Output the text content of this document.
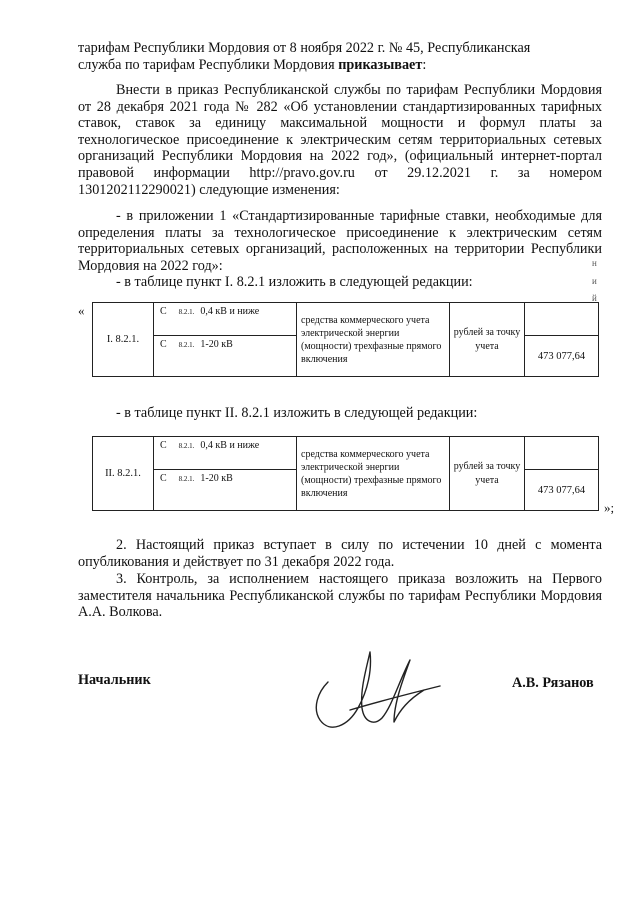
тарифам Республики Мордовия от 8 ноября 2022 г. № 45, Республиканская
служба по тарифам Республики Мордовия приказывает:
Внести в приказ Республиканской службы по тарифам Республики Мордовия от 28 декабря 2021 года № 282 «Об установлении стандартизированных тарифных ставок, ставок за единицу максимальной мощности и формул платы за технологическое присоединение к электрическим сетям территориальных сетевых организаций Республики Мордовия на 2022 год», (официальный интернет-портал правовой информации http://pravo.gov.ru от 29.12.2021 г. за номером 1301202112290021) следующие изменения:
- в приложении 1 «Стандартизированные тарифные ставки, необходимые для определения платы за технологическое присоединение к электрическим сетям территориальных сетевых организаций, расположенных на территории Республики Мордовия на 2022 год»:	н
и
й
- в таблице пункт I. 8.2.1 изложить в следующей редакции:
«
I. 8.2.1.	С 8.2.1. 0,4 кВ и ниже	средства коммерческого учета электрической энергии (мощности) трехфазные прямого включения	рублей за точку учета	

	С 8.2.1. 1-20 кВ			473 077,64
- в таблице пункт II. 8.2.1 изложить в следующей редакции:
II. 8.2.1.	С 8.2.1. 0,4 кВ и ниже	средства коммерческого учета электрической энергии (мощности) трехфазные прямого включения	рублей за точку учета	

	С 8.2.1. 1-20 кВ			473 077,64
»;
2. Настоящий приказ вступает в силу по истечении 10 дней с момента опубликования и действует по 31 декабря 2022 года.
3. Контроль, за исполнением настоящего приказа возложить на Первого заместителя начальника Республиканской службы по тарифам Республики Мордовия А.А. Волкова.
Начальник	А.В. Рязанов
